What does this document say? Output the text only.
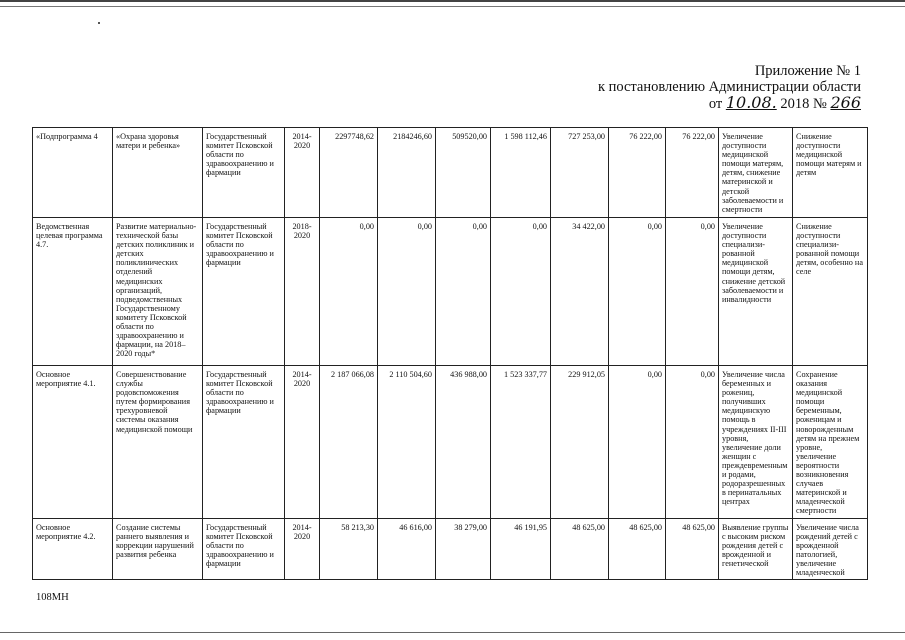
Приложение № 1
к постановлению Администрации области
от 10.08. 2018 № 266
«Подпрограмма 4	«Охрана здоровья матери и ребенка»	Государственный комитет Псковской области по здравоохранению и фармации	2014-2020	2297748,62	2184246,60	509520,00	1 598 112,46	727 253,00	76 222,00	76 222,00	Увеличение доступности медицинской помощи матерям, детям, снижение материнской и детской заболеваемости и смертности	Снижение доступности медицинской помощи матерям и детям
Ведомственная целевая программа 4.7.	Развитие материально-технической базы детских поликлиник и детских поликлинических отделений медицинских организаций, подведомственных Государственному комитету Псковской области по здравоохранению и фармации, на 2018–2020 годы*	Государственный комитет Псковской области по здравоохранению и фармации	2018-2020	0,00	0,00	0,00	0,00	34 422,00	0,00	0,00	Увеличение доступности специализи-рованной медицинской помощи детям, снижение детской заболеваемости и инвалидности	Снижение доступности специализи-рованной помощи детям, особенно на селе
Основное мероприятие 4.1.	Совершенствование службы родовспоможения путем формирования трехуровневой системы оказания медицинской помощи	Государственный комитет Псковской области по здравоохранению и фармации	2014-2020	2 187 066,08	2 110 504,60	436 988,00	1 523 337,77	229 912,05	0,00	0,00	Увеличение числа беременных и рожениц, получивших медицинскую помощь в учреждениях II-III уровня, увеличение доли женщин с преждевременными родами, родоразрешенных в перинатальных центрах	Сохранение оказания медицинской помощи беременным, роженицам и новорожденным детям на прежнем уровне, увеличение вероятности возникновения случаев материнской и младенческой смертности
Основное мероприятие 4.2.	Создание системы раннего выявления и коррекции нарушений развития ребенка	Государственный комитет Псковской области по здравоохранению и фармации	2014-2020	58 213,30	46 616,00	38 279,00	46 191,95	48 625,00	48 625,00	48 625,00	Выявление группы с высоким риском рождения детей с врожденной и генетической	Увеличение числа рождений детей с врожденной патологией, увеличение младенческой
108МН
